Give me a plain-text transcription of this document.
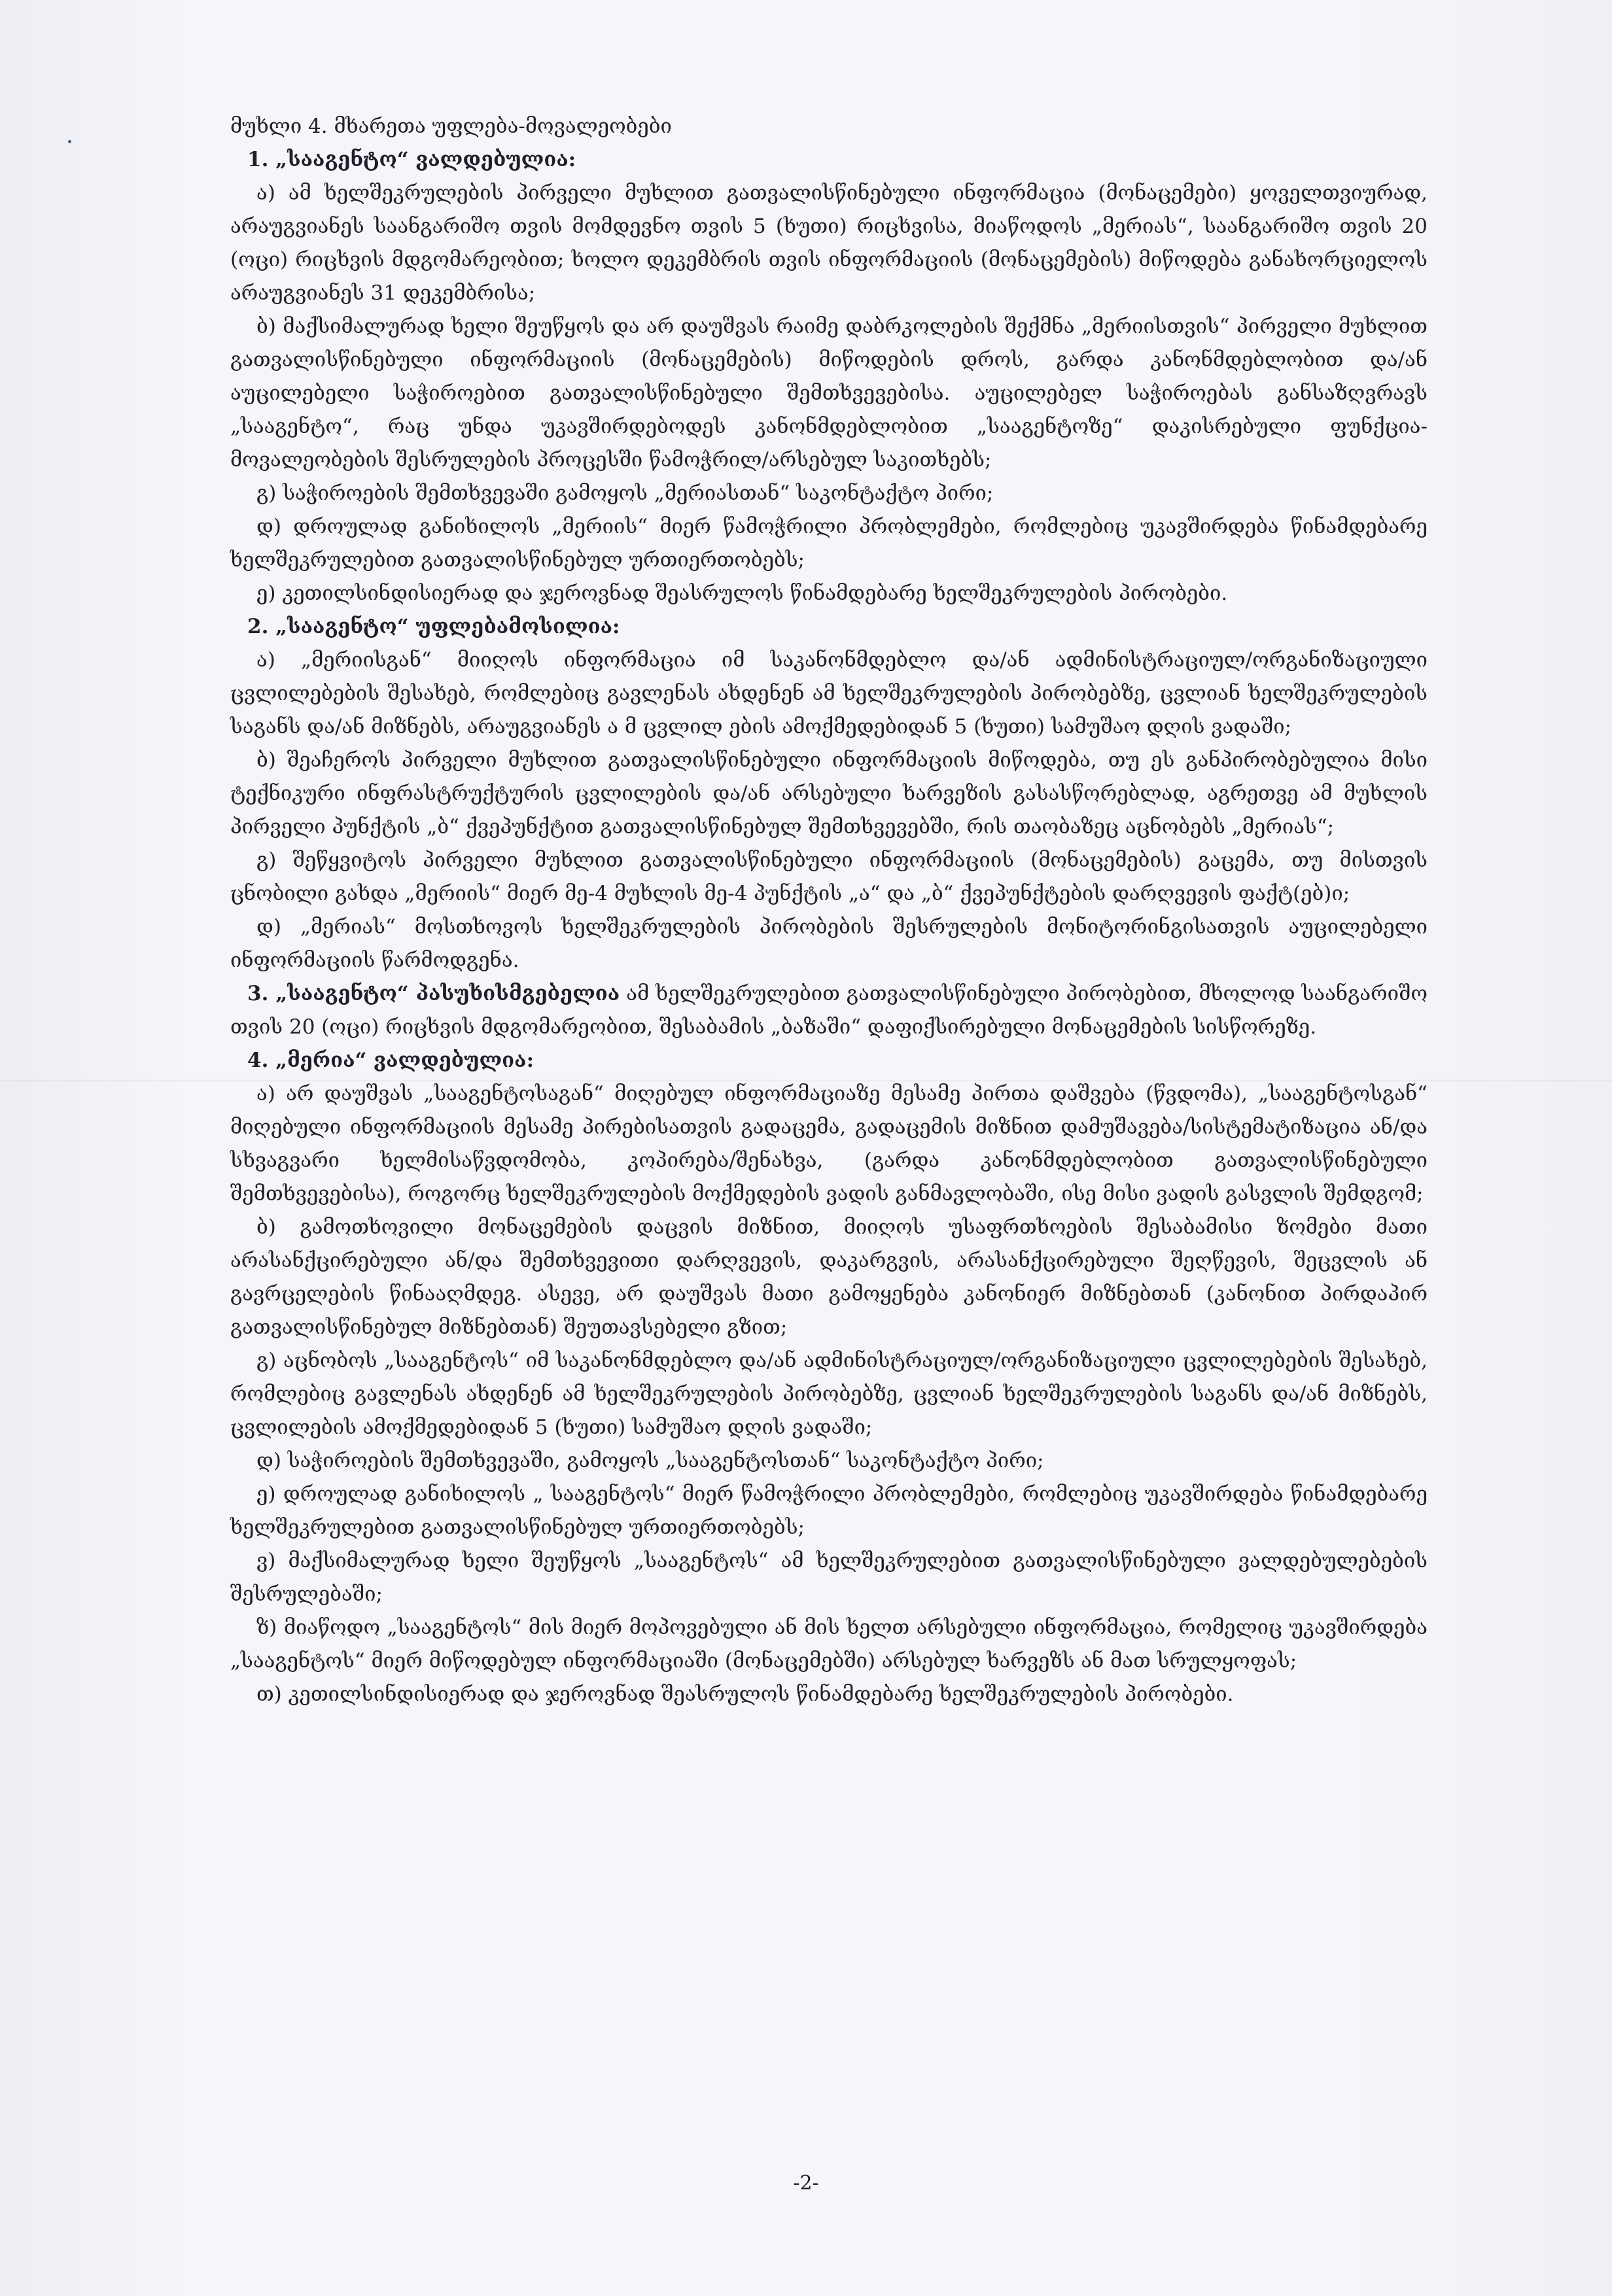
მუხლი 4. მხარეთა უფლება-მოვალეობები

1. „სააგენტო“ ვალდებულია:

ა) ამ ხელშეკრულების პირველი მუხლით გათვალისწინებული ინფორმაცია (მონაცემები) ყოველთვიურად, არაუგვიანეს საანგარიშო თვის მომდევნო თვის 5 (ხუთი) რიცხვისა, მიაწოდოს „მერიას“, საანგარიშო თვის 20 (ოცი) რიცხვის მდგომარეობით; ხოლო დეკემბრის თვის ინფორმაციის (მონაცემების) მიწოდება განახორციელოს არაუგვიანეს 31 დეკემბრისა;

ბ) მაქსიმალურად ხელი შეუწყოს და არ დაუშვას რაიმე დაბრკოლების შექმნა „მერიისთვის“ პირველი მუხლით გათვალისწინებული ინფორმაციის (მონაცემების) მიწოდების დროს, გარდა კანონმდებლობით და/ან აუცილებელი საჭიროებით გათვალისწინებული შემთხვევებისა. აუცილებელ საჭიროებას განსაზღვრავს „სააგენტო“, რაც უნდა უკავშირდებოდეს კანონმდებლობით „სააგენტოზე“ დაკისრებული ფუნქცია-მოვალეობების შესრულების პროცესში წამოჭრილ/არსებულ საკითხებს;

გ) საჭიროების შემთხვევაში გამოყოს „მერიასთან“ საკონტაქტო პირი;

დ) დროულად განიხილოს „მერიის“ მიერ წამოჭრილი პრობლემები, რომლებიც უკავშირდება წინამდებარე ხელშეკრულებით გათვალისწინებულ ურთიერთობებს;

ე) კეთილსინდისიერად და ჯეროვნად შეასრულოს წინამდებარე ხელშეკრულების პირობები.

2. „სააგენტო“ უფლებამოსილია:

ა) „მერიისგან“ მიიღოს ინფორმაცია იმ საკანონმდებლო და/ან ადმინისტრაციულ/ორგანიზაციული ცვლილებების შესახებ, რომლებიც გავლენას ახდენენ ამ ხელშეკრულების პირობებზე, ცვლიან ხელშეკრულების საგანს და/ან მიზნებს, არაუგვიანეს ა მ ცვლილ ების ამოქმედებიდან 5 (ხუთი) სამუშაო დღის ვადაში;

ბ) შეაჩეროს პირველი მუხლით გათვალისწინებული ინფორმაციის მიწოდება, თუ ეს განპირობებულია მისი ტექნიკური ინფრასტრუქტურის ცვლილების და/ან არსებული ხარვეზის გასასწორებლად, აგრეთვე ამ მუხლის პირველი პუნქტის „ბ“ ქვეპუნქტით გათვალისწინებულ შემთხვევებში, რის თაობაზეც აცნობებს „მერიას“;

გ) შეწყვიტოს პირველი მუხლით გათვალისწინებული ინფორმაციის (მონაცემების) გაცემა, თუ მისთვის ცნობილი გახდა „მერიის“ მიერ მე-4 მუხლის მე-4 პუნქტის „ა“ და „ბ“ ქვეპუნქტების დარღვევის ფაქტ(ებ)ი;

დ) „მერიას“ მოსთხოვოს ხელშეკრულების პირობების შესრულების მონიტორინგისათვის აუცილებელი ინფორმაციის წარმოდგენა.

3. „სააგენტო“ პასუხისმგებელია ამ ხელშეკრულებით გათვალისწინებული პირობებით, მხოლოდ საანგარიშო თვის 20 (ოცი) რიცხვის მდგომარეობით, შესაბამის „ბაზაში“ დაფიქსირებული მონაცემების სისწორეზე.

4. „მერია“ ვალდებულია:

ა) არ დაუშვას „სააგენტოსაგან“ მიღებულ ინფორმაციაზე მესამე პირთა დაშვება (წვდომა), „სააგენტოსგან“ მიღებული ინფორმაციის მესამე პირებისათვის გადაცემა, გადაცემის მიზნით დამუშავება/სისტემატიზაცია ან/და სხვაგვარი ხელმისაწვდომობა, კოპირება/შენახვა, (გარდა კანონმდებლობით გათვალისწინებული შემთხვევებისა), როგორც ხელშეკრულების მოქმედების ვადის განმავლობაში, ისე მისი ვადის გასვლის შემდგომ;

ბ) გამოთხოვილი მონაცემების დაცვის მიზნით, მიიღოს უსაფრთხოების შესაბამისი ზომები მათი არასანქცირებული ან/და შემთხვევითი დარღვევის, დაკარგვის, არასანქცირებული შეღწევის, შეცვლის ან გავრცელების წინააღმდეგ. ასევე, არ დაუშვას მათი გამოყენება კანონიერ მიზნებთან (კანონით პირდაპირ გათვალისწინებულ მიზნებთან) შეუთავსებელი გზით;

გ) აცნობოს „სააგენტოს“ იმ საკანონმდებლო და/ან ადმინისტრაციულ/ორგანიზაციული ცვლილებების შესახებ, რომლებიც გავლენას ახდენენ ამ ხელშეკრულების პირობებზე, ცვლიან ხელშეკრულების საგანს და/ან მიზნებს, ცვლილების ამოქმედებიდან 5 (ხუთი) სამუშაო დღის ვადაში;

დ) საჭიროების შემთხვევაში, გამოყოს „სააგენტოსთან“ საკონტაქტო პირი;

ე) დროულად განიხილოს „ სააგენტოს“ მიერ წამოჭრილი პრობლემები, რომლებიც უკავშირდება წინამდებარე ხელშეკრულებით გათვალისწინებულ ურთიერთობებს;

ვ) მაქსიმალურად ხელი შეუწყოს „სააგენტოს“ ამ ხელშეკრულებით გათვალისწინებული ვალდებულებების შესრულებაში;

ზ) მიაწოდო „სააგენტოს“ მის მიერ მოპოვებული ან მის ხელთ არსებული ინფორმაცია, რომელიც უკავშირდება „სააგენტოს“ მიერ მიწოდებულ ინფორმაციაში (მონაცემებში) არსებულ ხარვეზს ან მათ სრულყოფას;

თ) კეთილსინდისიერად და ჯეროვნად შეასრულოს წინამდებარე ხელშეკრულების პირობები.

-2-
